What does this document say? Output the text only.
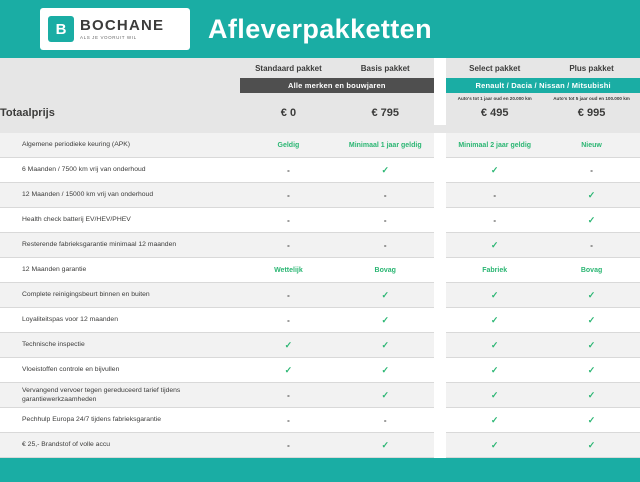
B BOCHANE
ALS JE VOORUIT WIL	Afleverpakketten
	Standaard pakket	Basis pakket		Select pakket	Plus pakket

	Alle merken en bouwjaren			Renault / Dacia / Nissan / Mitsubishi	

				Auto's tot 1 jaar oud en 20.000 km	Auto's tot 5 jaar oud en 100.000 km

Totaalprijs	€ 0	€ 795		€ 495	€ 995

Algemene periodieke keuring (APK)	Geldig	Minimaal 1 jaar geldig		Minimaal 2 jaar geldig	Nieuw
6 Maanden / 7500 km vrij van onderhoud	-	✓		✓	-
12 Maanden / 15000 km vrij van onderhoud	-	-		-	✓
Health check batterij EV/HEV/PHEV	-	-		-	✓
Resterende fabrieksgarantie minimaal 12 maanden	-	-		✓	-
12 Maanden garantie	Wettelijk	Bovag		Fabriek	Bovag
Complete reinigingsbeurt binnen en buiten	-	✓		✓	✓
Loyaliteitspas voor 12 maanden	-	✓		✓	✓
Technische inspectie	✓	✓		✓	✓
Vloeistoffen controle en bijvullen	✓	✓		✓	✓
Vervangend vervoer tegen gereduceerd tarief tijdens garantiewerkzaamheden	-	✓		✓	✓
Pechhulp Europa 24/7 tijdens fabrieksgarantie	-	-		✓	✓
€ 25,- Brandstof of volle accu	-	✓		✓	✓
